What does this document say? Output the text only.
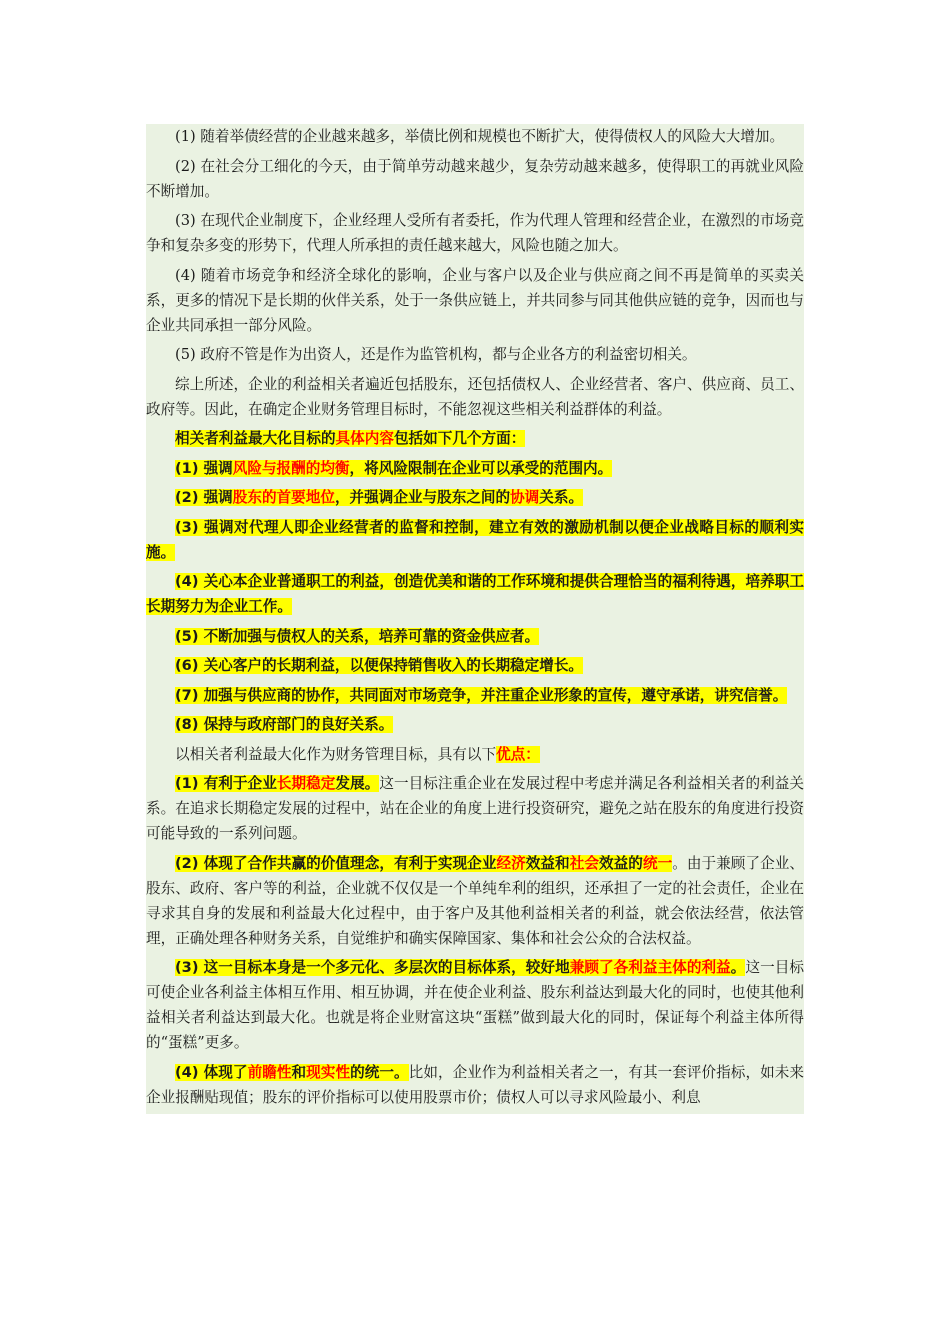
(1) 随着举债经营的企业越来越多，举债比例和规模也不断扩大，使得债权人的风险大大增加。

(2) 在社会分工细化的今天，由于简单劳动越来越少，复杂劳动越来越多，使得职工的再就业风险不断增加。

(3) 在现代企业制度下，企业经理人受所有者委托，作为代理人管理和经营企业，在激烈的市场竞争和复杂多变的形势下，代理人所承担的责任越来越大，风险也随之加大。

(4) 随着市场竞争和经济全球化的影响，企业与客户以及企业与供应商之间不再是简单的买卖关系，更多的情况下是长期的伙伴关系，处于一条供应链上，并共同参与同其他供应链的竞争，因而也与企业共同承担一部分风险。

(5) 政府不管是作为出资人，还是作为监管机构，都与企业各方的利益密切相关。

综上所述，企业的利益相关者遍近包括股东，还包括债权人、企业经营者、客户、供应商、员工、政府等。因此，在确定企业财务管理目标时，不能忽视这些相关利益群体的利益。

相关者利益最大化目标的具体内容包括如下几个方面：

(1) 强调风险与报酬的均衡，将风险限制在企业可以承受的范围内。

(2) 强调股东的首要地位，并强调企业与股东之间的协调关系。

(3) 强调对代理人即企业经营者的监督和控制，建立有效的激励机制以便企业战略目标的顺利实施。

(4) 关心本企业普通职工的利益，创造优美和谐的工作环境和提供合理恰当的福利待遇，培养职工长期努力为企业工作。

(5) 不断加强与债权人的关系，培养可靠的资金供应者。

(6) 关心客户的长期利益，以便保持销售收入的长期稳定增长。

(7) 加强与供应商的协作，共同面对市场竞争，并注重企业形象的宣传，遵守承诺，讲究信誉。

(8) 保持与政府部门的良好关系。

以相关者利益最大化作为财务管理目标，具有以下优点：

(1) 有利于企业长期稳定发展。这一目标注重企业在发展过程中考虑并满足各利益相关者的利益关系。在追求长期稳定发展的过程中，站在企业的角度上进行投资研究，避免之站在股东的角度进行投资可能导致的一系列问题。

(2) 体现了合作共赢的价值理念，有利于实现企业经济效益和社会效益的统一。由于兼顾了企业、股东、政府、客户等的利益，企业就不仅仅是一个单纯牟利的组织，还承担了一定的社会责任，企业在寻求其自身的发展和利益最大化过程中，由于客户及其他利益相关者的利益，就会依法经营，依法管理，正确处理各种财务关系，自觉维护和确实保障国家、集体和社会公众的合法权益。

(3) 这一目标本身是一个多元化、多层次的目标体系，较好地兼顾了各利益主体的利益。这一目标可使企业各利益主体相互作用、相互协调，并在使企业利益、股东利益达到最大化的同时，也使其他利益相关者利益达到最大化。也就是将企业财富这块“蛋糕”做到最大化的同时，保证每个利益主体所得的“蛋糕”更多。

(4) 体现了前瞻性和现实性的统一。比如，企业作为利益相关者之一，有其一套评价指标，如未来企业报酬贴现值；股东的评价指标可以使用股票市价；债权人可以寻求风险最小、利息
